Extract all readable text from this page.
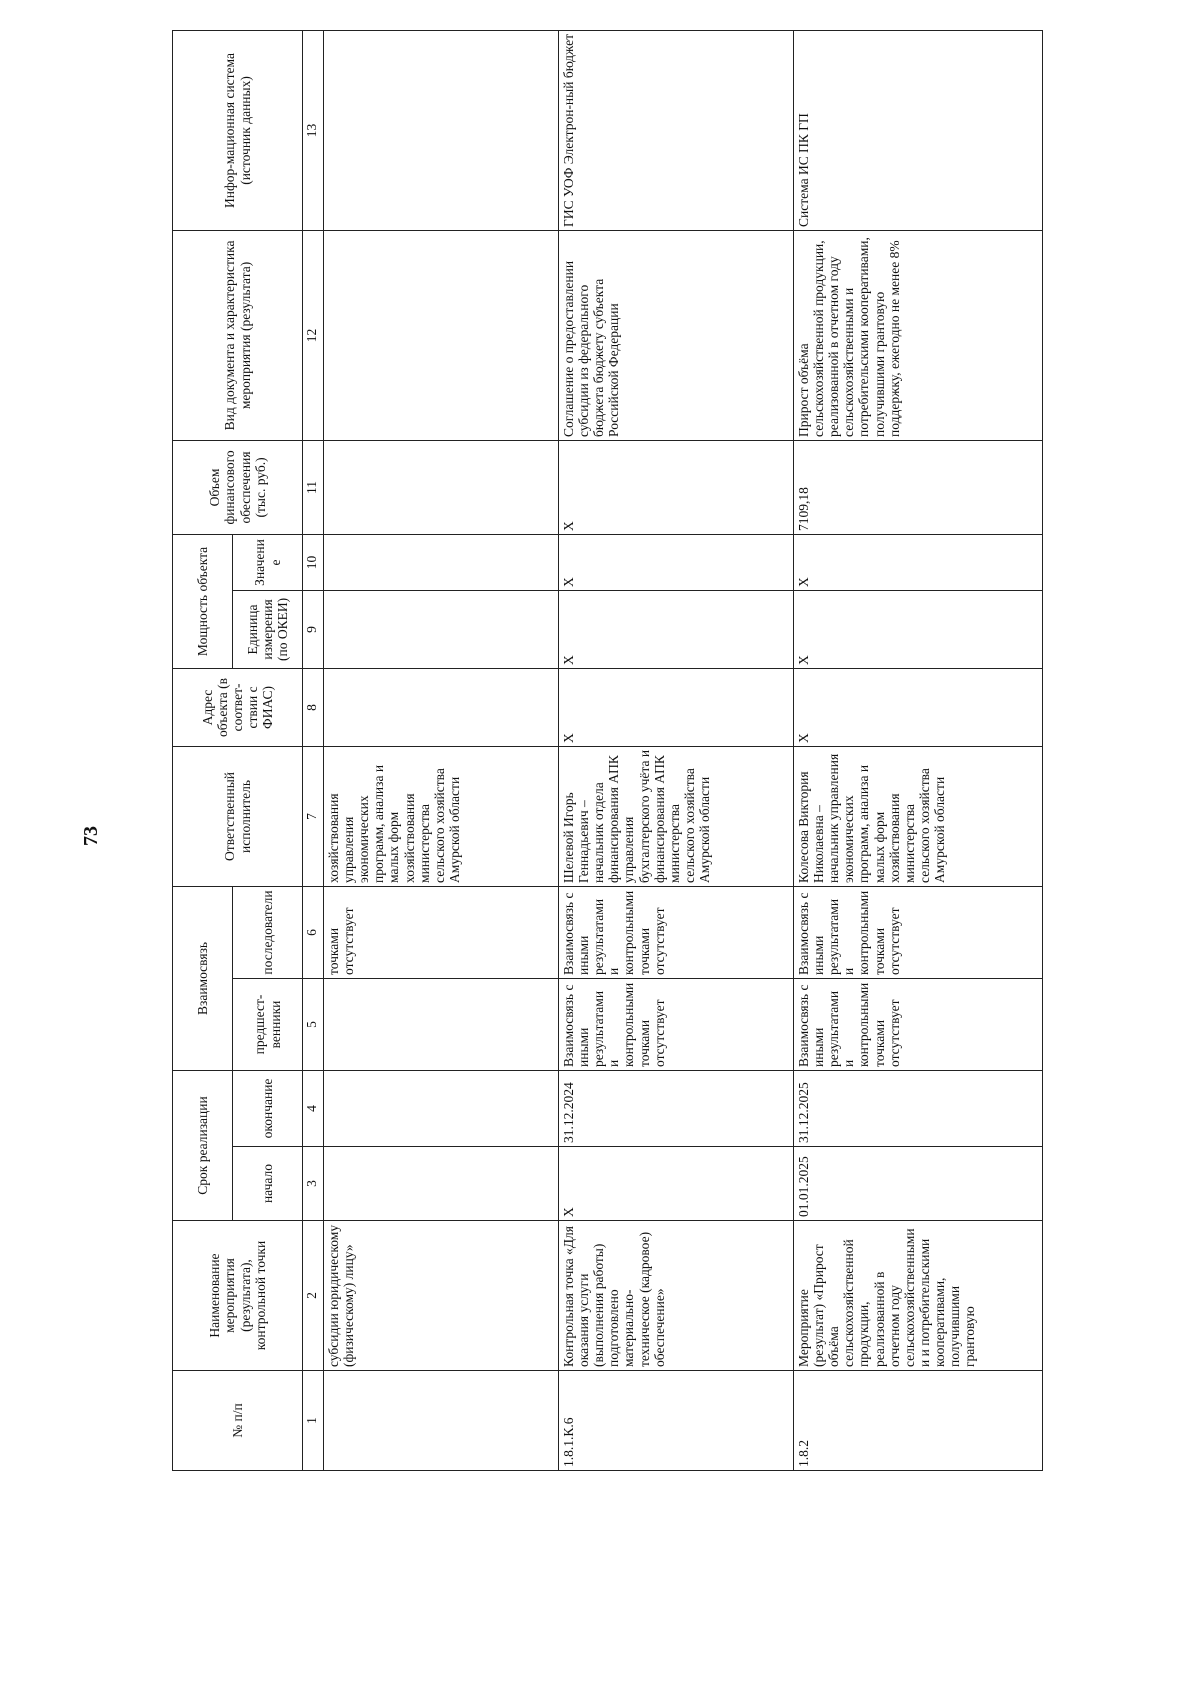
73
№ п/п	Наименование мероприятия (результата), контрольной точки	Срок реализации		Взаимосвязь		Ответственный исполнитель	Адрес объекта (в соответ-ствии с ФИАС)	Мощность объекта		Объем финансового обеспечения (тыс. руб.)	Вид документа и характеристика мероприятия (результата)	Инфор-мационная система (источник данных)
		начало	окончание	предшест-венники	последователи			Единица измерения (по ОКЕИ)	Значение			
1	2	3	4	5	6	7	8	9	10	11	12	13
	субсидии юридическому (физическому) лицу»				точками отсутствует	хозяйствования управления экономических программ, анализа и малых форм хозяйствования министерства сельского хозяйства Амурской области						
1.8.1.К.6	Контрольная точка «Для оказания услуги (выполнения работы) подготовлено материально-техническое (кадровое) обеспечение»	X	31.12.2024	Взаимосвязь с иными результатами и контрольными точками отсутствует	Взаимосвязь с иными результатами и контрольными точками отсутствует	Шелевой Игорь Геннадьевич – начальник отдела финансирования АПК управления бухгалтерского учёта и финансирования АПК министерства сельского хозяйства Амурской области	X	X	X	X	Соглашение о предоставлении субсидии из федерального бюджета бюджету субъекта Российской Федерации	ГИС УОФ Электрон-ный бюджет
1.8.2	Мероприятие (результат) «Прирост объёма сельскохозяйственной продукции, реализованной в отчетном году сельскохозяйственными и и потребительскими кооперативами, получившими грантовую	01.01.2025	31.12.2025	Взаимосвязь с иными результатами и контрольными точками отсутствует	Взаимосвязь с иными результатами и контрольными точками отсутствует	Колесова Виктория Николаевна – начальник управления экономических программ, анализа и малых форм хозяйствования министерства сельского хозяйства Амурской области	X	X	X	7109,18	Прирост объёма сельскохозяйственной продукции, реализованной в отчетном году сельскохозяйственными и потребительскими кооперативами, получившими грантовую поддержку, ежегодно не менее 8%	Система ИС ПК ГП
